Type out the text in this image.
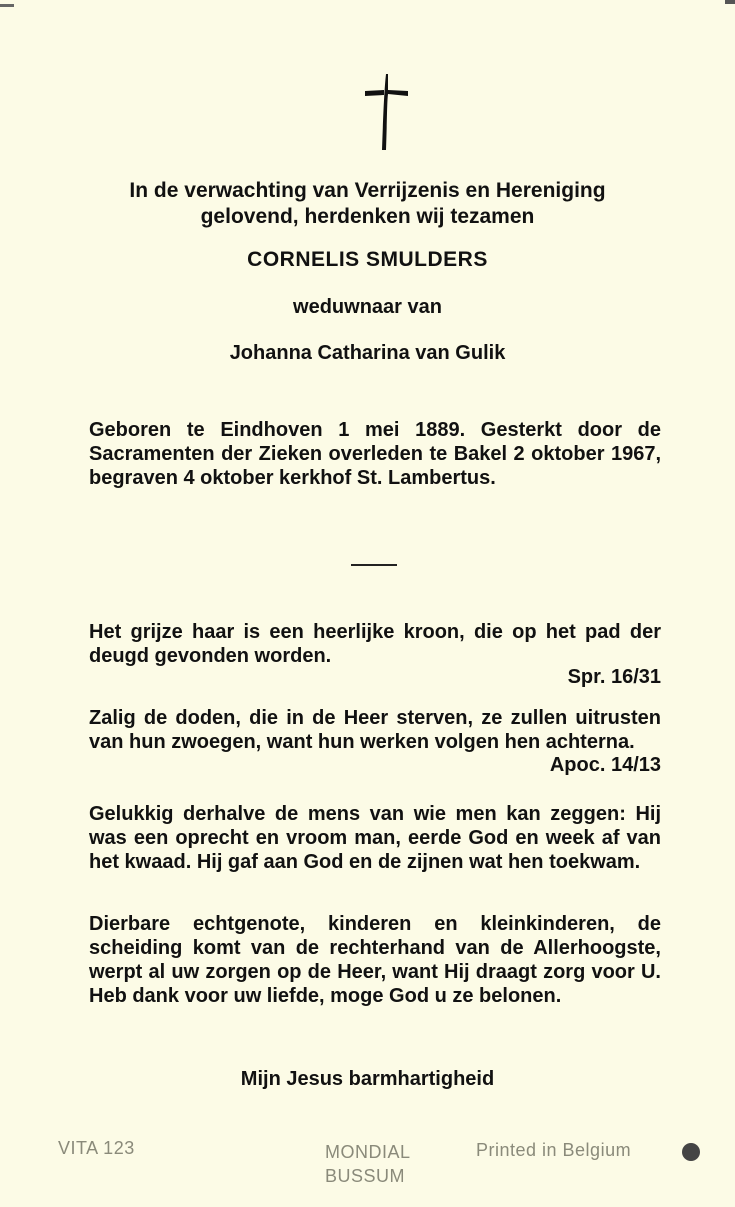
In de verwachting van Verrijzenis en Hereniging
gelovend, herdenken wij tezamen
CORNELIS SMULDERS
weduwnaar van
Johanna Catharina van Gulik
Geboren te Eindhoven 1 mei 1889. Gesterkt door de Sacramenten der Zieken overleden te Bakel 2 oktober 1967, begraven 4 oktober kerkhof St. Lambertus.
Het grijze haar is een heerlijke kroon, die op het pad der deugd gevonden worden.
Spr. 16/31
Zalig de doden, die in de Heer sterven, ze zullen uitrusten van hun zwoegen, want hun werken volgen hen achterna.
Apoc. 14/13
Gelukkig derhalve de mens van wie men kan zeggen: Hij was een oprecht en vroom man, eerde God en week af van het kwaad. Hij gaf aan God en de zijnen wat hen toekwam.
Dierbare echtgenote, kinderen en kleinkinderen, de scheiding komt van de rechterhand van de Allerhoogste, werpt al uw zorgen op de Heer, want Hij draagt zorg voor U. Heb dank voor uw liefde, moge God u ze belonen.
Mijn Jesus barmhartigheid
VITA 123	MONDIAL
BUSSUM
Printed in Belgium
